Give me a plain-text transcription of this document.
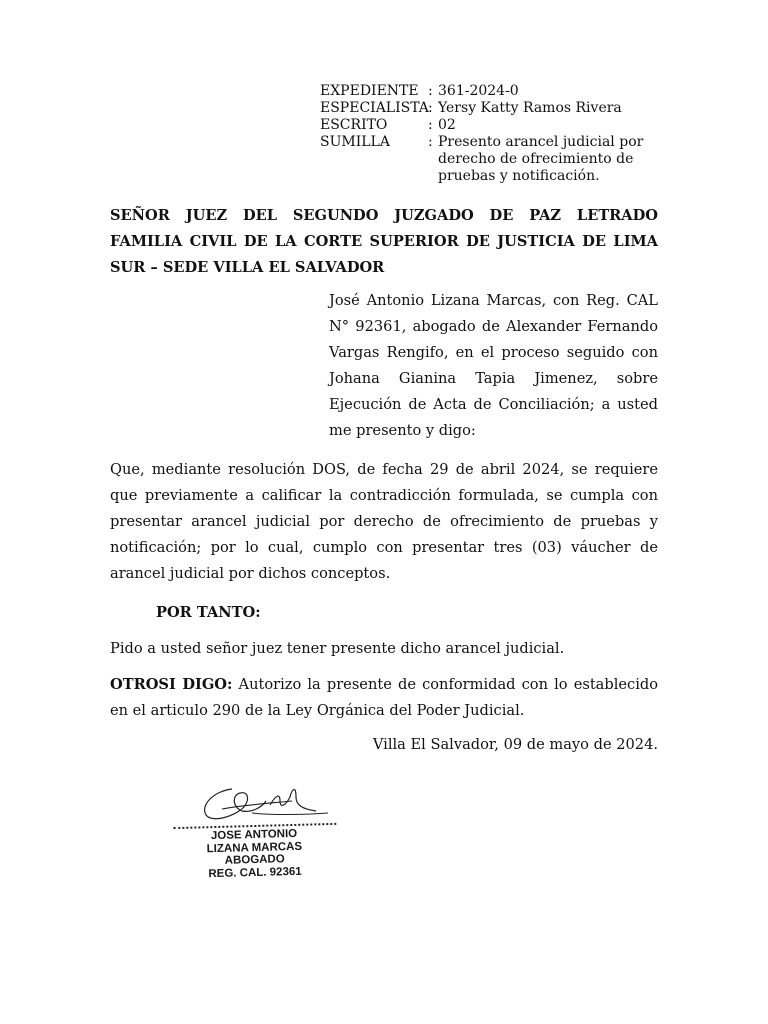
EXPEDIENTE : 361-2024-0
ESPECIALISTA : Yersy Katty Ramos Rivera
ESCRITO	: 02
SUMILLA	: Presento arancel judicial por derecho de ofrecimiento de pruebas y notificación.
SEÑOR JUEZ DEL SEGUNDO JUZGADO DE PAZ LETRADO FAMILIA CIVIL DE LA CORTE SUPERIOR DE JUSTICIA DE LIMA SUR – SEDE VILLA EL SALVADOR
José Antonio Lizana Marcas, con Reg. CAL N° 92361, abogado de Alexander Fernando Vargas Rengifo, en el proceso seguido con Johana Gianina Tapia Jimenez, sobre Ejecución de Acta de Conciliación; a usted me presento y digo:
Que, mediante resolución DOS, de fecha 29 de abril 2024, se requiere que previamente a calificar la contradicción formulada, se cumpla con presentar arancel judicial por derecho de ofrecimiento de pruebas y notificación; por lo cual, cumplo con presentar tres (03) váucher de arancel judicial por dichos conceptos.
POR TANTO:
Pido a usted señor juez tener presente dicho arancel judicial.
OTROSI DIGO: Autorizo la presente de conformidad con lo establecido en el articulo 290 de la Ley Orgánica del Poder Judicial.
Villa El Salvador, 09 de mayo de 2024.
JOSE ANTONIO
LIZANA MARCAS
ABOGADO
REG. CAL. 92361
